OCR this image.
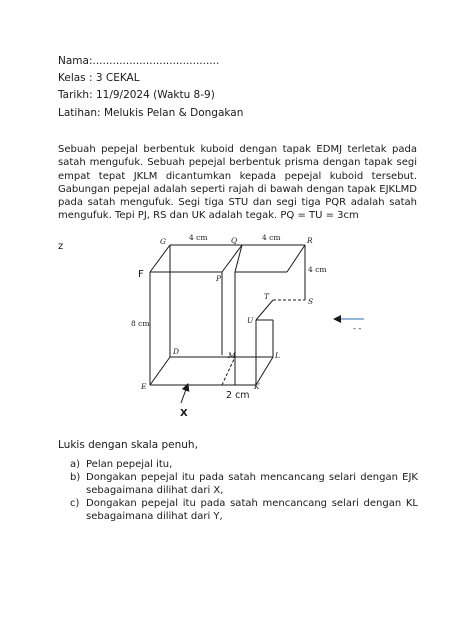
Nama:......................................
Kelas : 3 CEKAL
Tarikh: 11/9/2024 (Waktu 8-9)
Latihan: Melukis Pelan & Dongakan

Sebuah pepejal berbentuk kuboid dengan tapak EDMJ terletak pada satah mengufuk. Sebuah pepejal berbentuk prisma dengan tapak segi empat tepat JKLM dicantumkan kepada pepejal kuboid tersebut. Gabungan pepejal adalah seperti rajah di bawah dengan tapak EJKLMD pada satah mengufuk. Segi tiga STU dan segi tiga PQR adalah satah mengufuk. Tepi PJ, RS dan UK adalah tegak. PQ = TU = 3cm

G	Q	R
F	P
T
S
U
D	M	L
E	K
4 cm	4 cm
4 cm
8 cm
2 cm
z
X
- -
Lukis dengan skala penuh,
a) Pelan pepejal itu,
b) Dongakan pepejal itu pada satah mencancang selari dengan EJK sebagaimana dilihat dari X,
c) Dongakan pepejal itu pada satah mencancang selari dengan KL sebagaimana dilihat dari Y,
